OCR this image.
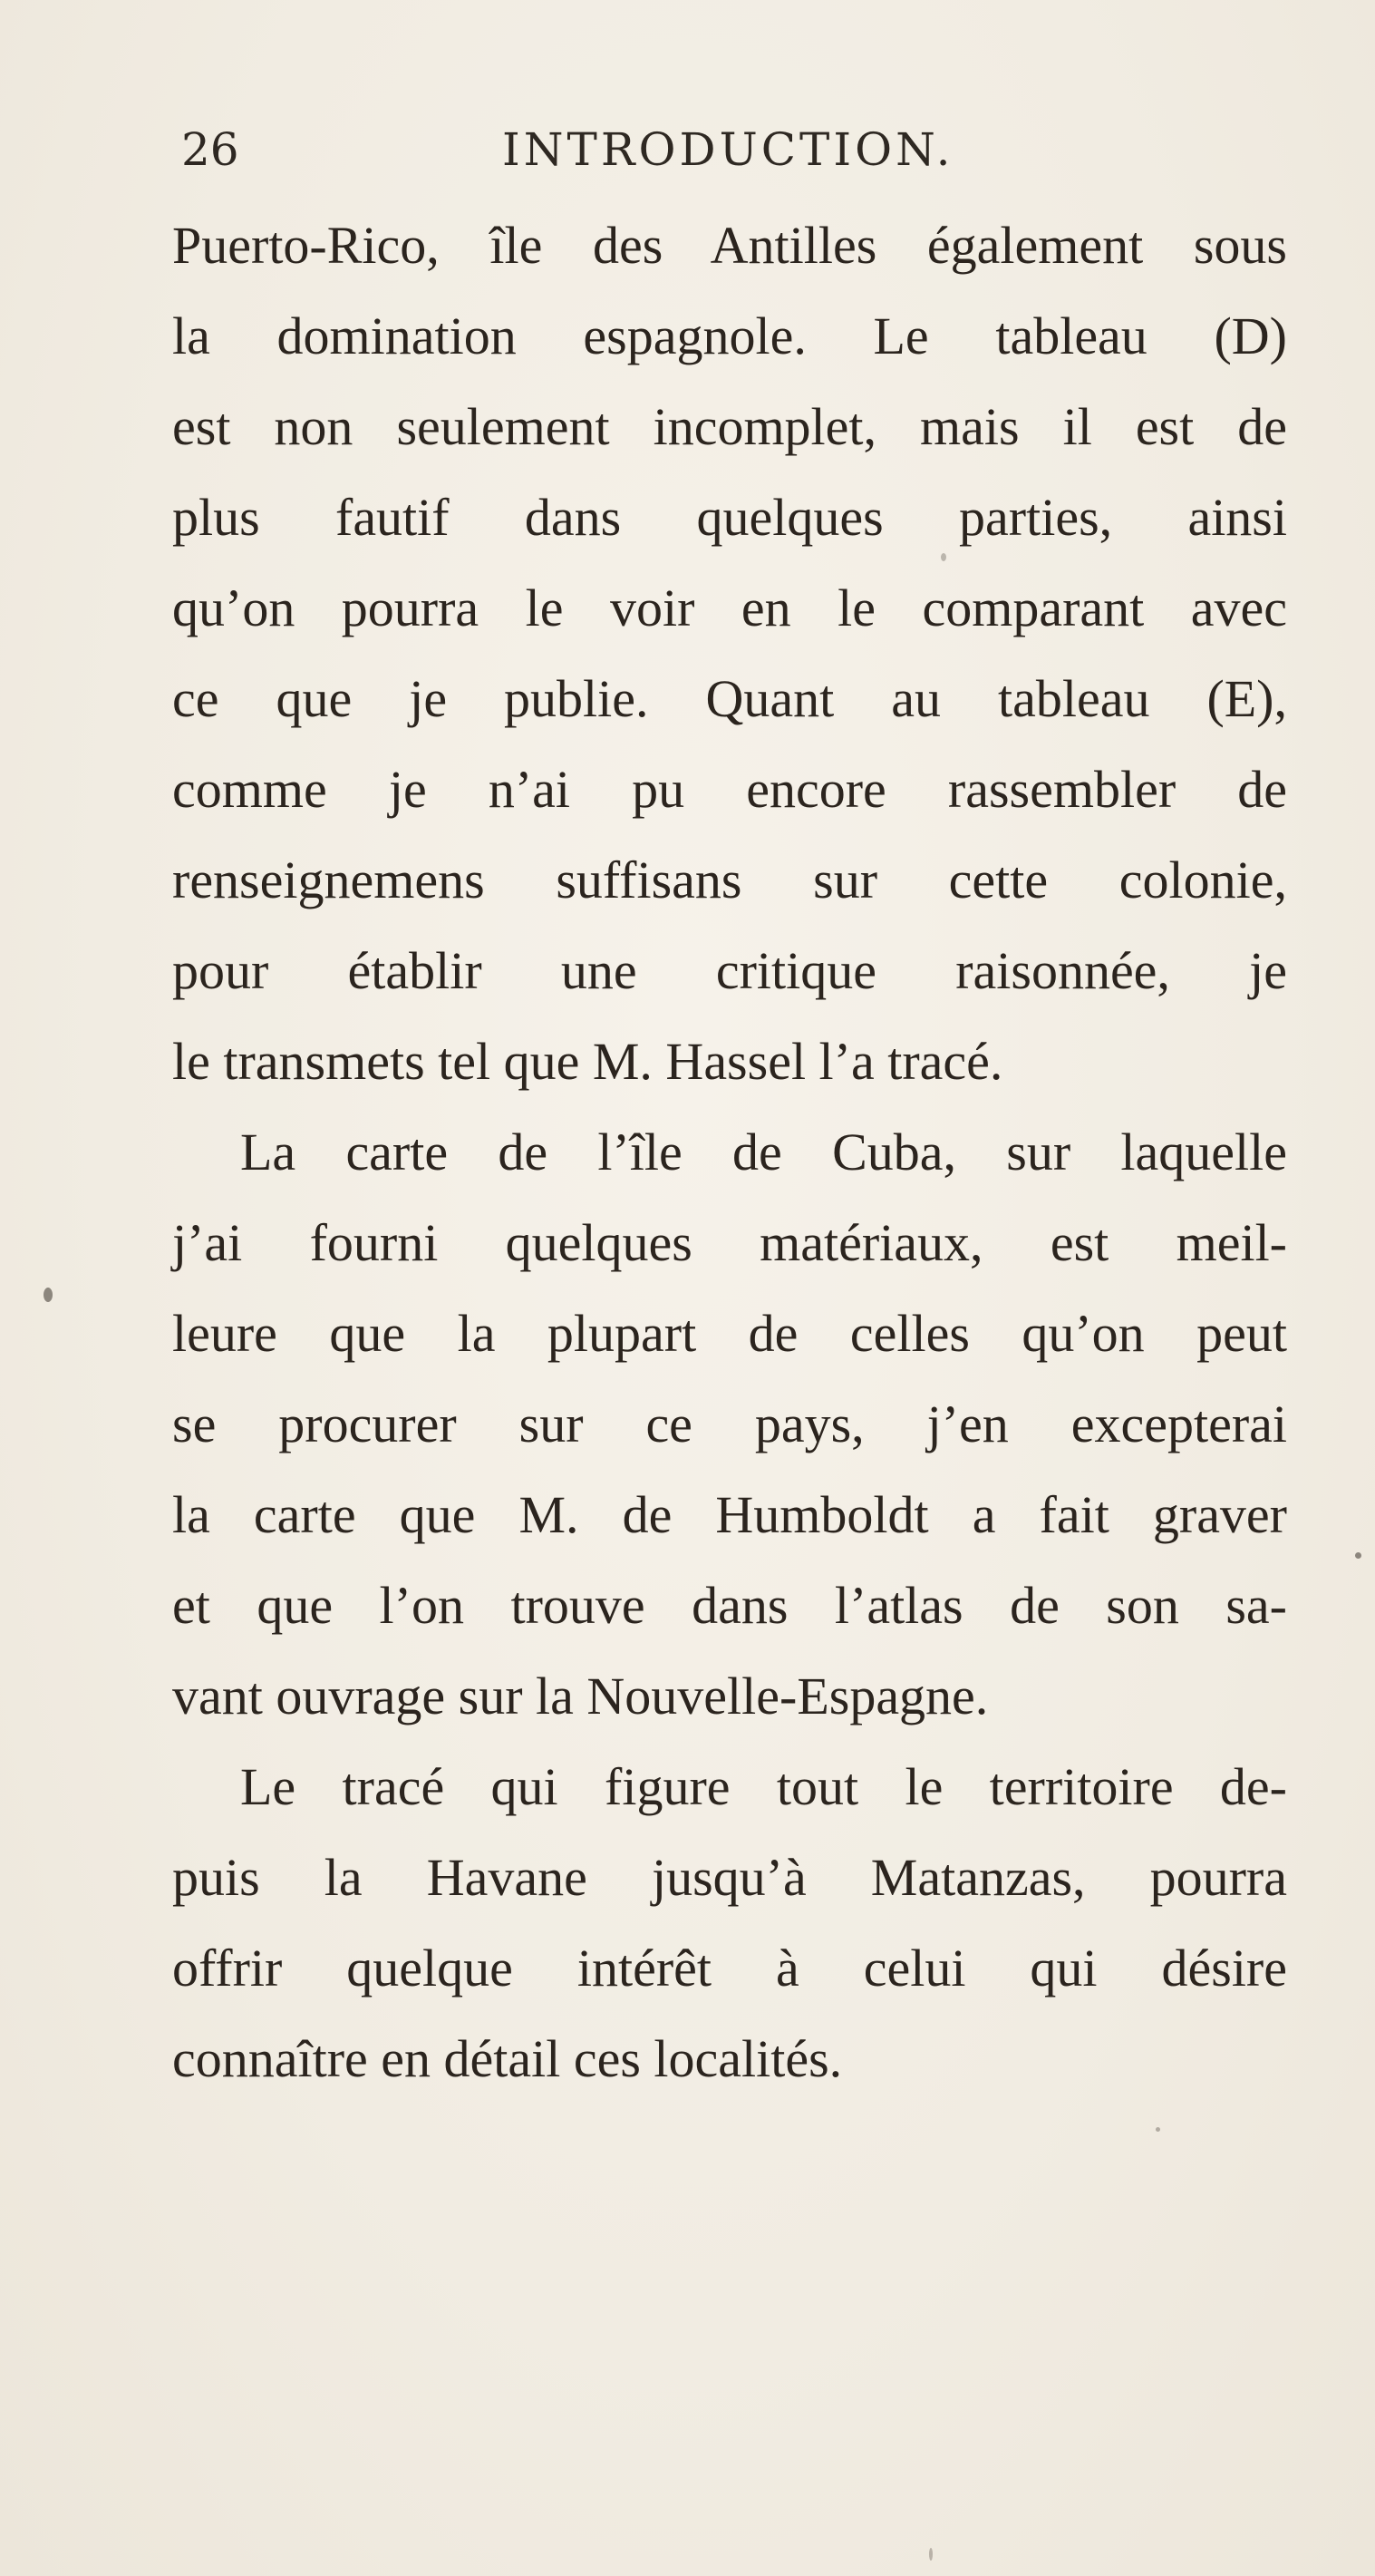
26	INTRODUCTION.
Puerto-Rico, île des Antilles également sous
la domination espagnole. Le tableau (D)
est non seulement incomplet, mais il est de
plus fautif dans quelques parties, ainsi
qu’on pourra le voir en le comparant avec
ce que je publie. Quant au tableau (E),
comme je n’ai pu encore rassembler de
renseignemens suffisans sur cette colonie,
pour établir une critique raisonnée, je
le transmets tel que M. Hassel l’a tracé.
La carte de l’île de Cuba, sur laquelle
j’ai fourni quelques matériaux, est meil-
leure que la plupart de celles qu’on peut
se procurer sur ce pays, j’en excepterai
la carte que M. de Humboldt a fait graver
et que l’on trouve dans l’atlas de son sa-
vant ouvrage sur la Nouvelle-Espagne.
Le tracé qui figure tout le territoire de-
puis la Havane jusqu’à Matanzas, pourra
offrir quelque intérêt à celui qui désire
connaître en détail ces localités.
